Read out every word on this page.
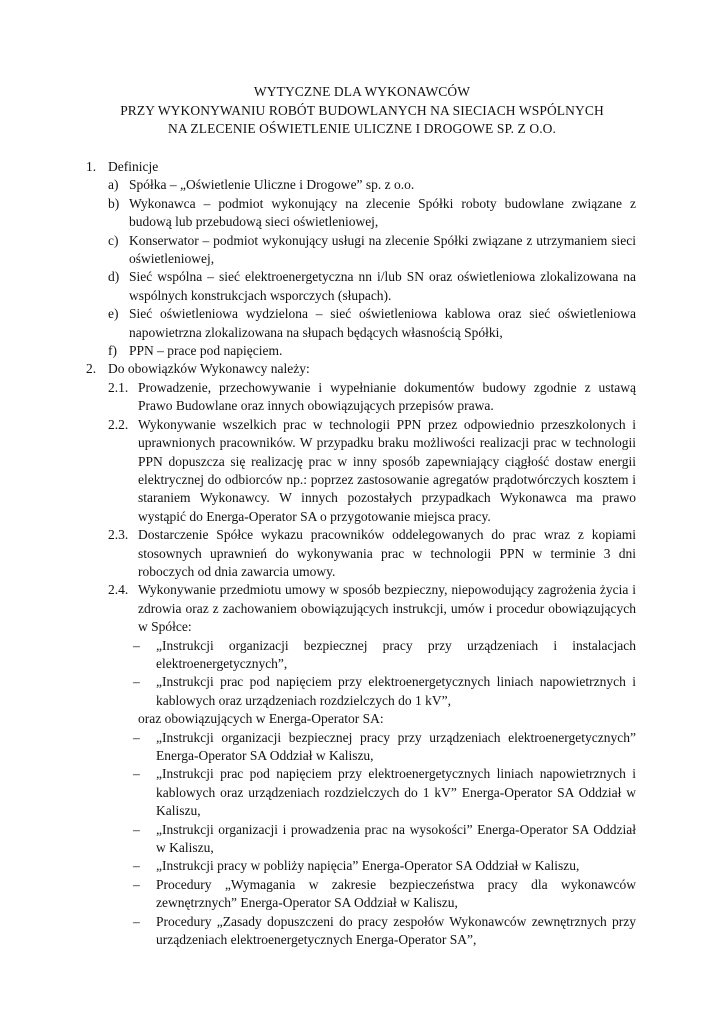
WYTYCZNE DLA WYKONAWCÓW
PRZY WYKONYWANIU ROBÓT BUDOWLANYCH NA SIECIACH WSPÓLNYCH
NA ZLECENIE OŚWIETLENIE ULICZNE I DROGOWE SP. Z O.O.
1. Definicje
a) Spółka – „Oświetlenie Uliczne i Drogowe” sp. z o.o.
b) Wykonawca – podmiot wykonujący na zlecenie Spółki roboty budowlane związane z budową lub przebudową sieci oświetleniowej,
c) Konserwator – podmiot wykonujący usługi na zlecenie Spółki związane z utrzymaniem sieci oświetleniowej,
d) Sieć wspólna – sieć elektroenergetyczna nn i/lub SN oraz oświetleniowa zlokalizowana na wspólnych konstrukcjach wsporczych (słupach).
e) Sieć oświetleniowa wydzielona – sieć oświetleniowa kablowa oraz sieć oświetleniowa napowietrzna zlokalizowana na słupach będących własnością Spółki,
f) PPN – prace pod napięciem.
2. Do obowiązków Wykonawcy należy:
2.1. Prowadzenie, przechowywanie i wypełnianie dokumentów budowy zgodnie z ustawą Prawo Budowlane oraz innych obowiązujących przepisów prawa.
2.2. Wykonywanie wszelkich prac w technologii PPN przez odpowiednio przeszkolonych i uprawnionych pracowników. W przypadku braku możliwości realizacji prac w technologii PPN dopuszcza się realizację prac w inny sposób zapewniający ciągłość dostaw energii elektrycznej do odbiorców np.: poprzez zastosowanie agregatów prądotwórczych kosztem i staraniem Wykonawcy. W innych pozostałych przypadkach Wykonawca ma prawo wystąpić do Energa-Operator SA o przygotowanie miejsca pracy.
2.3. Dostarczenie Spółce wykazu pracowników oddelegowanych do prac wraz z kopiami stosownych uprawnień do wykonywania prac w technologii PPN w terminie 3 dni roboczych od dnia zawarcia umowy.
2.4. Wykonywanie przedmiotu umowy w sposób bezpieczny, niepowodujący zagrożenia życia i zdrowia oraz z zachowaniem obowiązujących instrukcji, umów i procedur obowiązujących w Spółce:
– „Instrukcji organizacji bezpiecznej pracy przy urządzeniach i instalacjach elektroenergetycznych”,
– „Instrukcji prac pod napięciem przy elektroenergetycznych liniach napowietrznych i kablowych oraz urządzeniach rozdzielczych do 1 kV”,
oraz obowiązujących w Energa-Operator SA:
– „Instrukcji organizacji bezpiecznej pracy przy urządzeniach elektroenergetycznych” Energa-Operator SA Oddział w Kaliszu,
– „Instrukcji prac pod napięciem przy elektroenergetycznych liniach napowietrznych i kablowych oraz urządzeniach rozdzielczych do 1 kV” Energa-Operator SA Oddział w Kaliszu,
– „Instrukcji organizacji i prowadzenia prac na wysokości” Energa-Operator SA Oddział w Kaliszu,
– „Instrukcji pracy w pobliży napięcia” Energa-Operator SA Oddział w Kaliszu,
– Procedury „Wymagania w zakresie bezpieczeństwa pracy dla wykonawców zewnętrznych” Energa-Operator SA Oddział w Kaliszu,
– Procedury „Zasady dopuszczeni do pracy zespołów Wykonawców zewnętrznych przy urządzeniach elektroenergetycznych Energa-Operator SA”,
